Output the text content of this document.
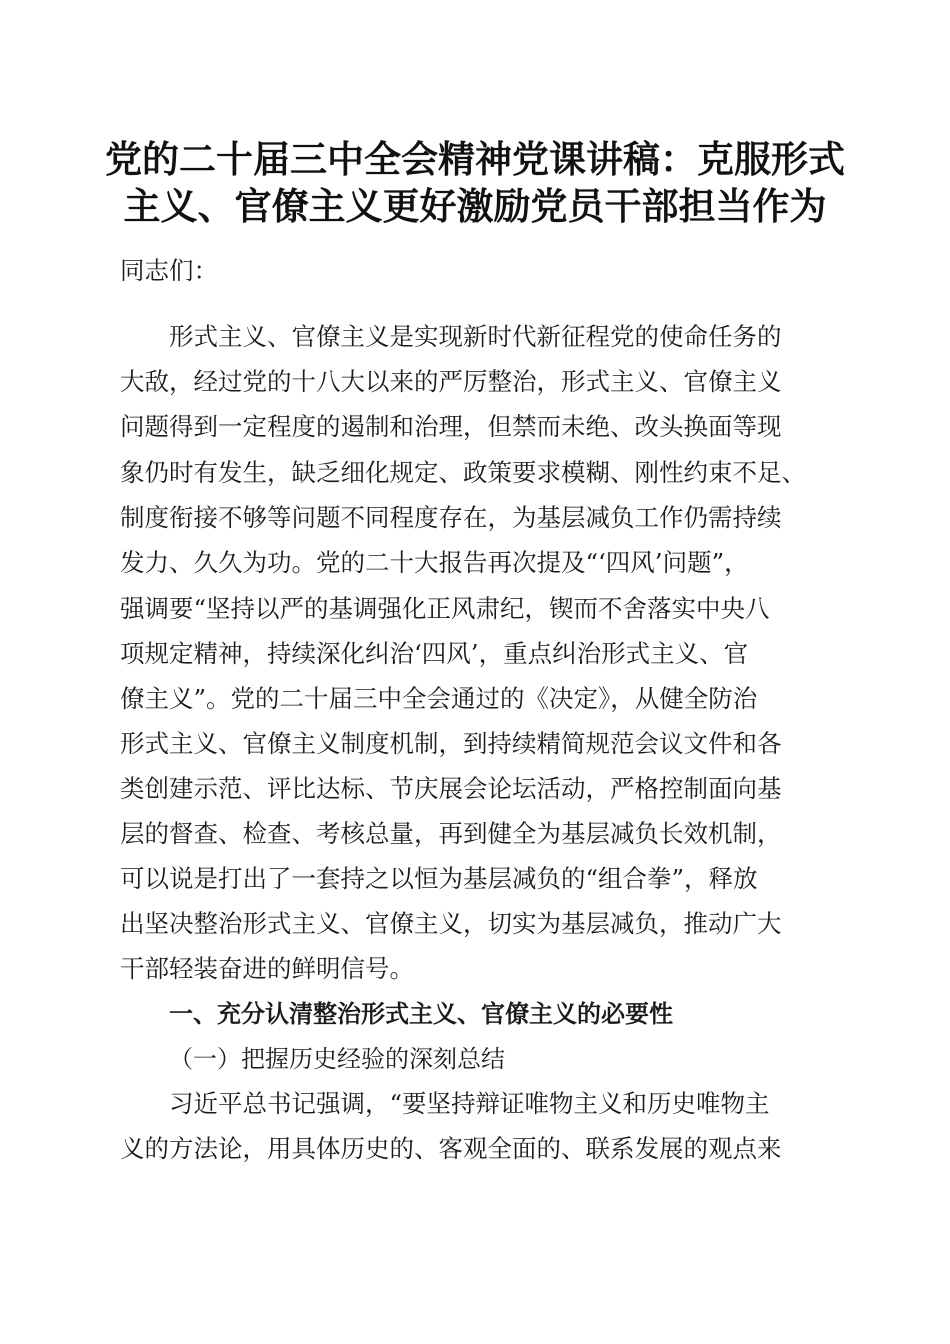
党的二十届三中全会精神党课讲稿：克服形式
主义、官僚主义更好激励党员干部担当作为
同志们：
形式主义、官僚主义是实现新时代新征程党的使命任务的
大敌，经过党的十八大以来的严厉整治，形式主义、官僚主义
问题得到一定程度的遏制和治理，但禁而未绝、改头换面等现
象仍时有发生，缺乏细化规定、政策要求模糊、刚性约束不足、
制度衔接不够等问题不同程度存在，为基层减负工作仍需持续
发力、久久为功。党的二十大报告再次提及“‘四风’问题”，
强调要“坚持以严的基调强化正风肃纪，锲而不舍落实中央八
项规定精神，持续深化纠治‘四风’，重点纠治形式主义、官
僚主义”。党的二十届三中全会通过的《决定》，从健全防治
形式主义、官僚主义制度机制，到持续精简规范会议文件和各
类创建示范、评比达标、节庆展会论坛活动，严格控制面向基
层的督查、检查、考核总量，再到健全为基层减负长效机制，
可以说是打出了一套持之以恒为基层减负的“组合拳”，释放
出坚决整治形式主义、官僚主义，切实为基层减负，推动广大
干部轻装奋进的鲜明信号。
一、充分认清整治形式主义、官僚主义的必要性
（一）把握历史经验的深刻总结
习近平总书记强调，“要坚持辩证唯物主义和历史唯物主
义的方法论，用具体历史的、客观全面的、联系发展的观点来
